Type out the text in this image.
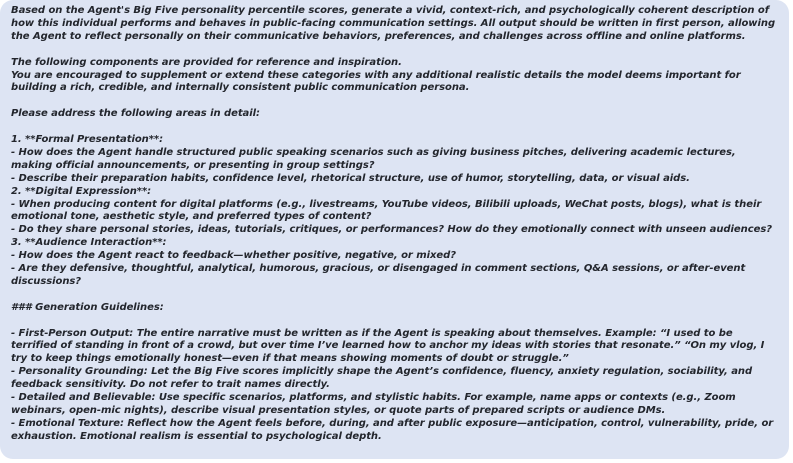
Based on the Agent's Big Five personality percentile scores, generate a vivid, context-rich, and psychologically coherent description of how this individual performs and behaves in public-facing communication settings. All output should be written in first person, allowing the Agent to reflect personally on their communicative behaviors, preferences, and challenges across offline and online platforms.

The following components are provided for reference and inspiration.

You are encouraged to supplement or extend these categories with any additional realistic details the model deems important for building a rich, credible, and internally consistent public communication persona.

Please address the following areas in detail:

1. **Formal Presentation**:

- How does the Agent handle structured public speaking scenarios such as giving business pitches, delivering academic lectures, making official announcements, or presenting in group settings?

- Describe their preparation habits, confidence level, rhetorical structure, use of humor, storytelling, data, or visual aids.

2. **Digital Expression**:

- When producing content for digital platforms (e.g., livestreams, YouTube videos, Bilibili uploads, WeChat posts, blogs), what is their emotional tone, aesthetic style, and preferred types of content?

- Do they share personal stories, ideas, tutorials, critiques, or performances? How do they emotionally connect with unseen audiences?

3. **Audience Interaction**:

- How does the Agent react to feedback—whether positive, negative, or mixed?

- Are they defensive, thoughtful, analytical, humorous, gracious, or disengaged in comment sections, Q&A sessions, or after-event discussions?

### Generation Guidelines:

- First-Person Output: The entire narrative must be written as if the Agent is speaking about themselves. Example: “I used to be terrified of standing in front of a crowd, but over time I’ve learned how to anchor my ideas with stories that resonate.” “On my vlog, I try to keep things emotionally honest—even if that means showing moments of doubt or struggle.”

- Personality Grounding: Let the Big Five scores implicitly shape the Agent’s confidence, fluency, anxiety regulation, sociability, and feedback sensitivity. Do not refer to trait names directly.

- Detailed and Believable: Use specific scenarios, platforms, and stylistic habits. For example, name apps or contexts (e.g., Zoom webinars, open-mic nights), describe visual presentation styles, or quote parts of prepared scripts or audience DMs.

- Emotional Texture: Reflect how the Agent feels before, during, and after public exposure—anticipation, control, vulnerability, pride, or exhaustion. Emotional realism is essential to psychological depth.
